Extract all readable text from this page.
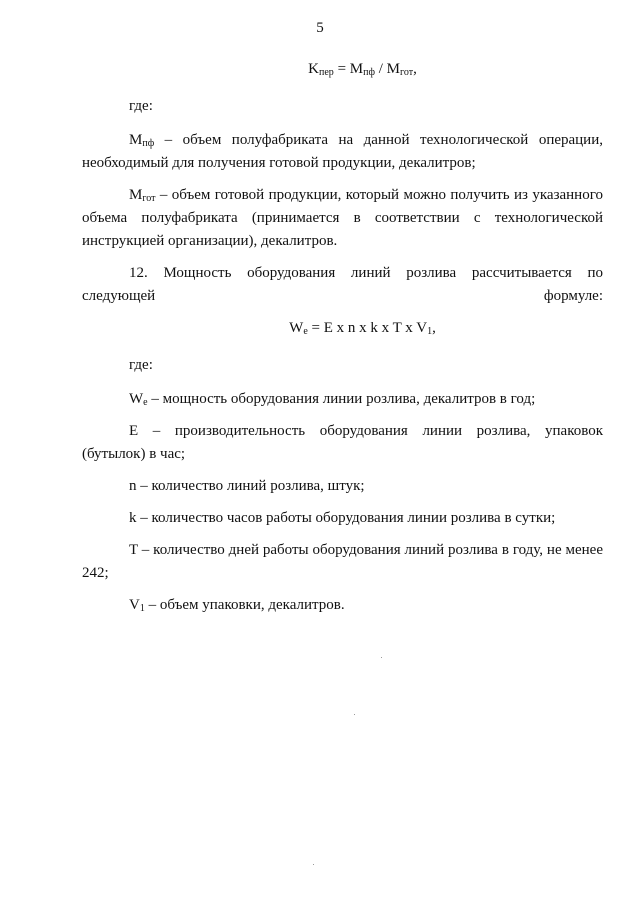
5

$K_{пер} = M_{пф} / M_{гот}$,

где:

$M_{пф}$ – объем полуфабриката на данной технологической операции, необходимый для получения готовой продукции, декалитров;

$M_{гот}$ – объем готовой продукции, который можно получить из указанного объема полуфабриката (принимается в соответствии с технологической инструкцией организации), декалитров.

12. Мощность оборудования линий розлива рассчитывается по следующей формуле:

$W_e = E$ x n x k x T x $V_1$,

где:

$W_e$ – мощность оборудования линии розлива, декалитров в год;

E – производительность оборудования линии розлива, упаковок (бутылок) в час;

n – количество линий розлива, штук;

k – количество часов работы оборудования линии розлива в сутки;

T – количество дней работы оборудования линий розлива в году, не менее 242;

$V_1$ – объем упаковки, декалитров.
